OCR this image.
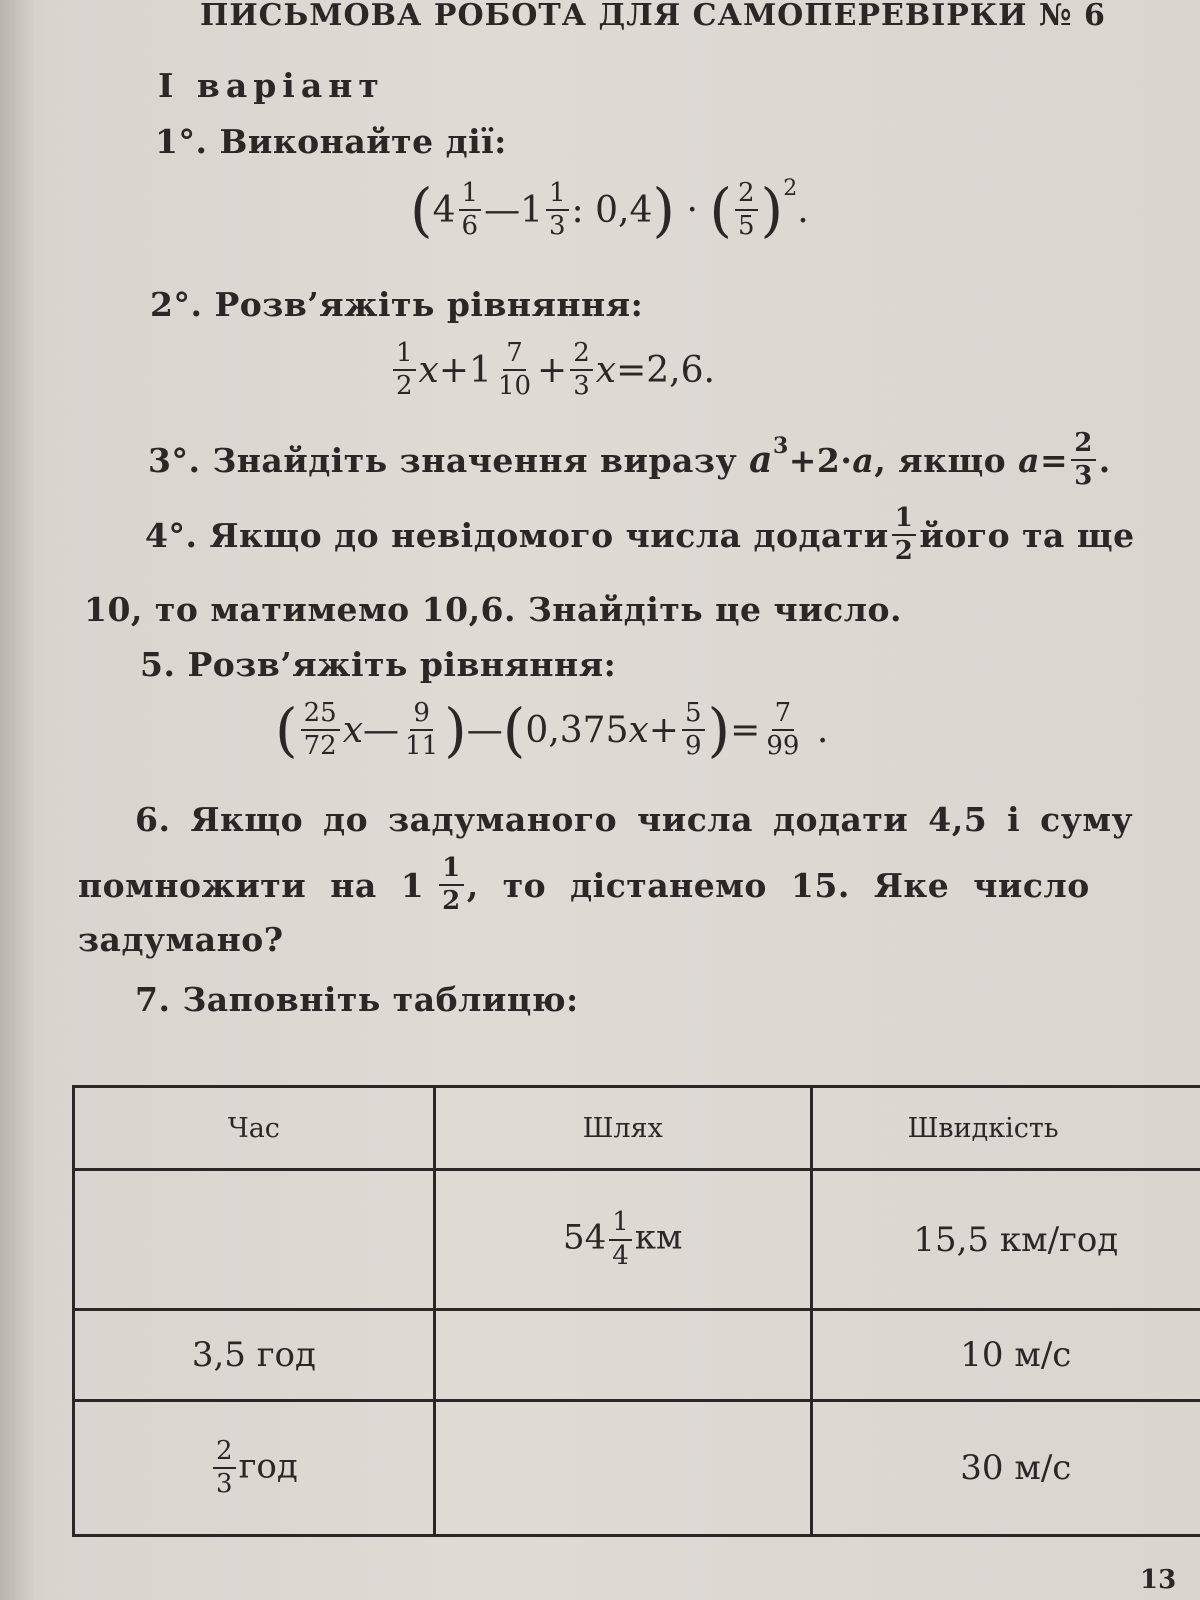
ПИСЬМОВА РОБОТА ДЛЯ САМОПЕРЕВІРКИ № 6
I варіант
1°. Виконайте дії:
( $4 \frac{1}{6}$ —1 $\frac{1}{3}$ : 0,4 ) · ( $\frac{2}{5}$ ) 2
.
2°. Розв’яжіть рівняння:
$\frac{1}{2}$ $x +1 \frac{7}{10} + \frac{2}{3}$ x =2,6.
3°.
Знайдіть значення виразу
a 3 +2· a , якщо
$a = \frac{2}{3}$ .
4°.
Якщо до невідомого числа додати $\frac{1}{2}$ його та ще
10, то матимемо 10,6. Знайдіть це число.
5. Розв’яжіть рівняння:
( $\frac{25}{72}$ x — $\frac{9}{11}$ ) — ( 0,375 $x + \frac{5}{9}$ ) = $\frac{7}{99}$ .
6. Якщо до задуманого числа додати 4,5 і суму
помножити  на  1
$\frac{1}{2}$ ,  то  дістанемо  15.  Яке  число
задумано?
7. Заповніть таблицю:
Час	Шлях	Швидкість
	$54 \frac{1}{4}$ км	15,5 км/год
3,5 год		10 м/с

$\frac{2}{3}$ год		30 м/с
13
